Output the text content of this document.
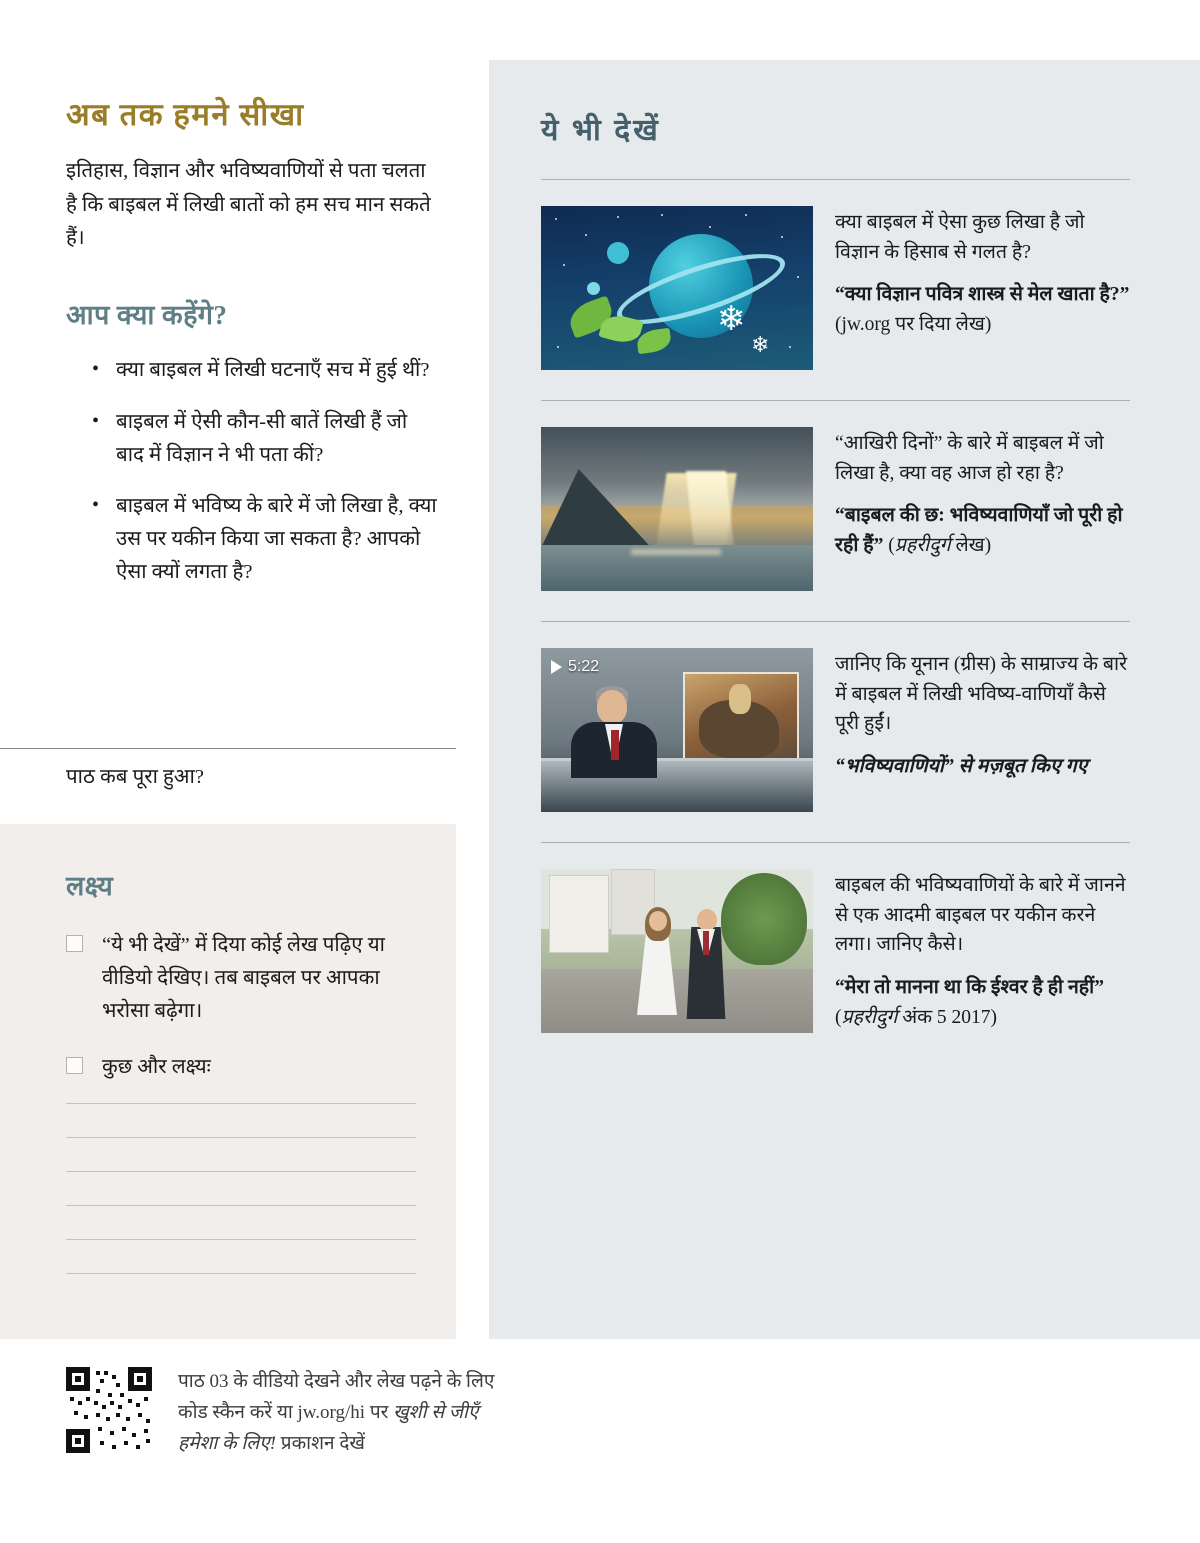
अब तक हमने सीखा

इतिहास, विज्ञान और भविष्यवाणियों से पता चलता है कि बाइबल में लिखी बातों को हम सच मान सकते हैं।

आप क्या कहेंगे?
• क्या बाइबल में लिखी घटनाएँ सच में हुई थीं?
• बाइबल में ऐसी कौन-सी बातें लिखी हैं जो बाद में विज्ञान ने भी पता कीं?
• बाइबल में भविष्य के बारे में जो लिखा है, क्या उस पर यकीन किया जा सकता है? आपको ऐसा क्यों लगता है?
पाठ कब पूरा हुआ?
लक्ष्य
“ये भी देखें” में दिया कोई लेख पढ़िए या वीडियो देखिए। तब बाइबल पर आपका भरोसा बढ़ेगा।
कुछ और लक्ष्यः
ये भी देखें
❄
❄
क्या बाइबल में ऐसा कुछ लिखा है जो विज्ञान के हिसाब से गलत है?
“क्या विज्ञान पवित्र शास्त्र से मेल खाता है?” (jw.org पर दिया लेख)
“आखिरी दिनों” के बारे में बाइबल में जो लिखा है, क्या वह आज हो रहा है?
“बाइबल की छ: भविष्यवाणियाँ जो पूरी हो रही हैं” (प्रहरीदुर्ग लेख)
5:22	जानिए कि यूनान (ग्रीस) के साम्राज्य के बारे में बाइबल में लिखी भविष्य-वाणियाँ कैसे पूरी हुईं।
“भविष्यवाणियों” से मज़बूत किए गए
बाइबल की भविष्यवाणियों के बारे में जानने से एक आदमी बाइबल पर यकीन करने लगा। जानिए कैसे।
“मेरा तो मानना था कि ईश्वर है ही नहीं” (प्रहरीदुर्ग अंक 5 2017)
पाठ 03 के वीडियो देखने और लेख पढ़ने के लिए
कोड स्कैन करें या jw.org/hi पर खुशी से जीएँ
हमेशा के लिए! प्रकाशन देखें
